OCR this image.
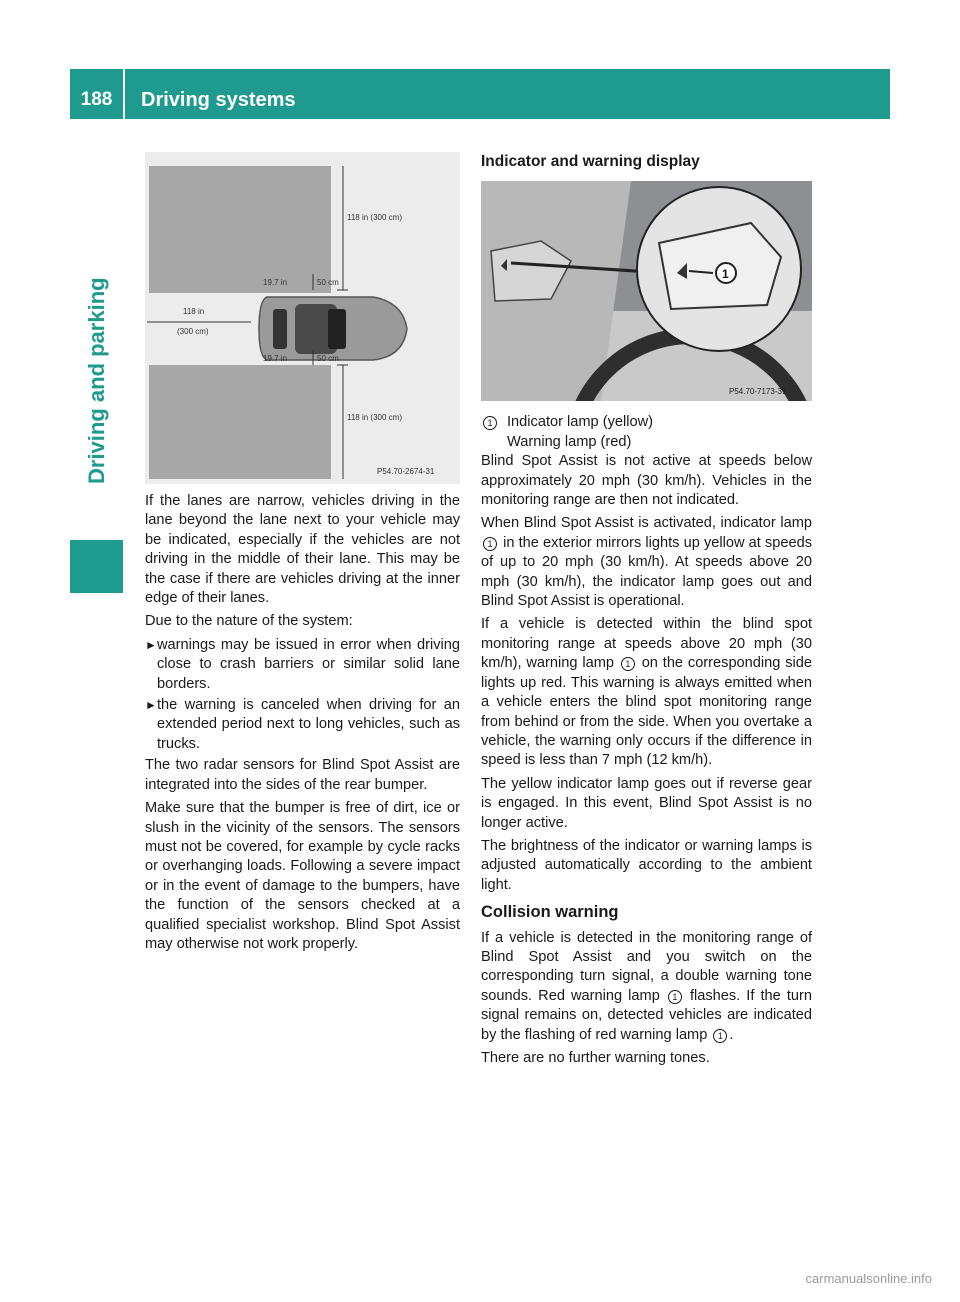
188	Driving systems
Driving and parking
118 in (300 cm)
118 in (300 cm)
19.7 in	50 cm
19.7 in	50 cm
118 in
(300 cm)
P54.70-2674-31

If the lanes are narrow, vehicles driving in the lane beyond the lane next to your vehicle may be indicated, especially if the vehicles are not driving in the middle of their lane. This may be the case if there are vehicles driving at the inner edge of their lanes.

Due to the nature of the system:

► warnings may be issued in error when driving close to crash barriers or similar solid lane borders.
► the warning is canceled when driving for an extended period next to long vehicles, such as trucks.

The two radar sensors for Blind Spot Assist are integrated into the sides of the rear bumper.

Make sure that the bumper is free of dirt, ice or slush in the vicinity of the sensors. The sensors must not be covered, for example by cycle racks or overhanging loads. Following a severe impact or in the event of damage to the bumpers, have the function of the sensors checked at a qualified specialist workshop. Blind Spot Assist may otherwise not work properly.

Indicator and warning display
1
P54.70-7173-31
1 Indicator lamp (yellow)
Warning lamp (red)

Blind Spot Assist is not active at speeds below approximately 20 mph (30 km/h). Vehicles in the monitoring range are then not indicated.

When Blind Spot Assist is activated, indicator lamp 1 in the exterior mirrors lights up yellow at speeds of up to 20 mph (30 km/h). At speeds above 20 mph (30 km/h), the indicator lamp goes out and Blind Spot Assist is operational.

If a vehicle is detected within the blind spot monitoring range at speeds above 20 mph (30 km/h), warning lamp 1 on the corresponding side lights up red. This warning is always emitted when a vehicle enters the blind spot monitoring range from behind or from the side. When you overtake a vehicle, the warning only occurs if the difference in speed is less than 7 mph (12 km/h).

The yellow indicator lamp goes out if reverse gear is engaged. In this event, Blind Spot Assist is no longer active.

The brightness of the indicator or warning lamps is adjusted automatically according to the ambient light.

Collision warning

If a vehicle is detected in the monitoring range of Blind Spot Assist and you switch on the corresponding turn signal, a double warning tone sounds. Red warning lamp 1 flashes. If the turn signal remains on, detected vehicles are indicated by the flashing of red warning lamp 1 .

There are no further warning tones.

carmanualsonline.info
